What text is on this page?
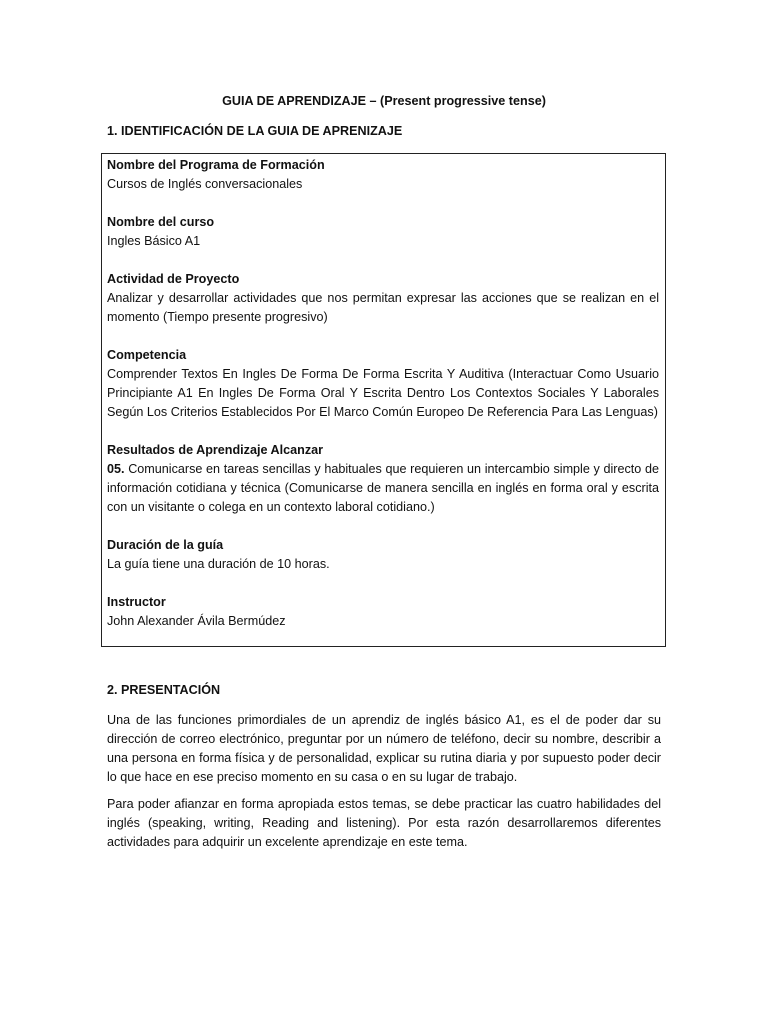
GUIA DE APRENDIZAJE – (Present progressive tense)
1. IDENTIFICACIÓN DE LA GUIA DE APRENIZAJE
Nombre del Programa de Formación
Cursos de Inglés conversacionales
Nombre del curso
Ingles Básico A1
Actividad de Proyecto
Analizar y desarrollar actividades que nos permitan expresar las acciones que se realizan en el momento (Tiempo presente progresivo)
Competencia
Comprender Textos En Ingles De Forma De Forma Escrita Y Auditiva (Interactuar Como Usuario Principiante A1 En Ingles De Forma Oral Y Escrita Dentro Los Contextos Sociales Y Laborales Según Los Criterios Establecidos Por El Marco Común Europeo De Referencia Para Las Lenguas)
Resultados de Aprendizaje Alcanzar
05. Comunicarse en tareas sencillas y habituales que requieren un intercambio simple y directo de información cotidiana y técnica (Comunicarse de manera sencilla en inglés en forma oral y escrita con un visitante o colega en un contexto laboral cotidiano.)
Duración de la guía
La guía tiene una duración de 10 horas.
Instructor
John Alexander Ávila Bermúdez
2. PRESENTACIÓN

Una de las funciones primordiales de un aprendiz de inglés básico A1, es el de poder dar su dirección de correo electrónico, preguntar por un número de teléfono, decir su nombre, describir a una persona en forma física y de personalidad, explicar su rutina diaria y por supuesto poder decir lo que hace en ese preciso momento en su casa o en su lugar de trabajo.

Para poder afianzar en forma apropiada estos temas, se debe practicar las cuatro habilidades del inglés (speaking, writing, Reading and listening). Por esta razón desarrollaremos diferentes actividades para adquirir un excelente aprendizaje en este tema.
